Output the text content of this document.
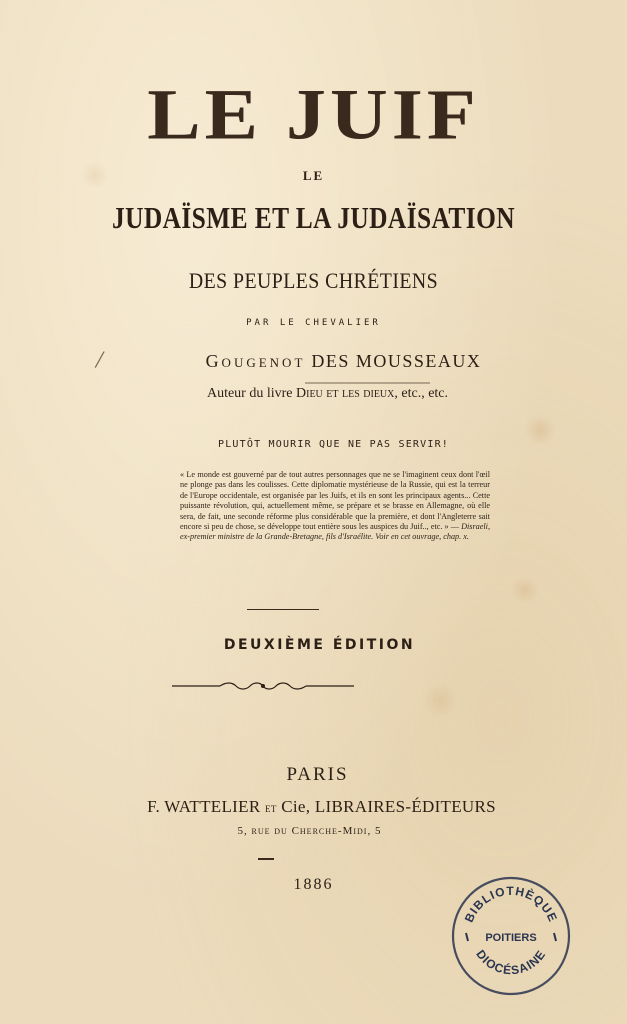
LE JUIF
LE
JUDAÏSME ET LA JUDAÏSATION
DES PEUPLES CHRÉTIENS
PAR LE CHEVALIER
/	Gougenot DES MOUSSEAUX
Auteur du livre Dieu et les dieux, etc., etc.
PLUTÔT MOURIR QUE NE PAS SERVIR!
« Le monde est gouverné par de tout autres personnages que ne se l'imaginent ceux dont l'œil ne plonge pas dans les coulisses. Cette diplomatie mystérieuse de la Russie, qui est la terreur de l'Europe occidentale, est organisée par les Juifs, et ils en sont les principaux agents... Cette puissante révolution, qui, actuellement même, se prépare et se brasse en Allemagne, où elle sera, de fait, une seconde réforme plus considérable que la première, et dont l'Angleterre sait encore si peu de chose, se développe tout entière sous les auspices du Juif.., etc. » — Disraeli, ex-premier ministre de la Grande-Bretagne, fils d'Israélite. Voir en cet ouvrage, chap. x.
DEUXIÈME ÉDITION
PARIS
F. WATTELIER et Cie, LIBRAIRES-ÉDITEURS
5, rue du Cherche-Midi, 5
1886
BIBLIOTHÈQUE
POITIERS
DIOCÉSAINE
